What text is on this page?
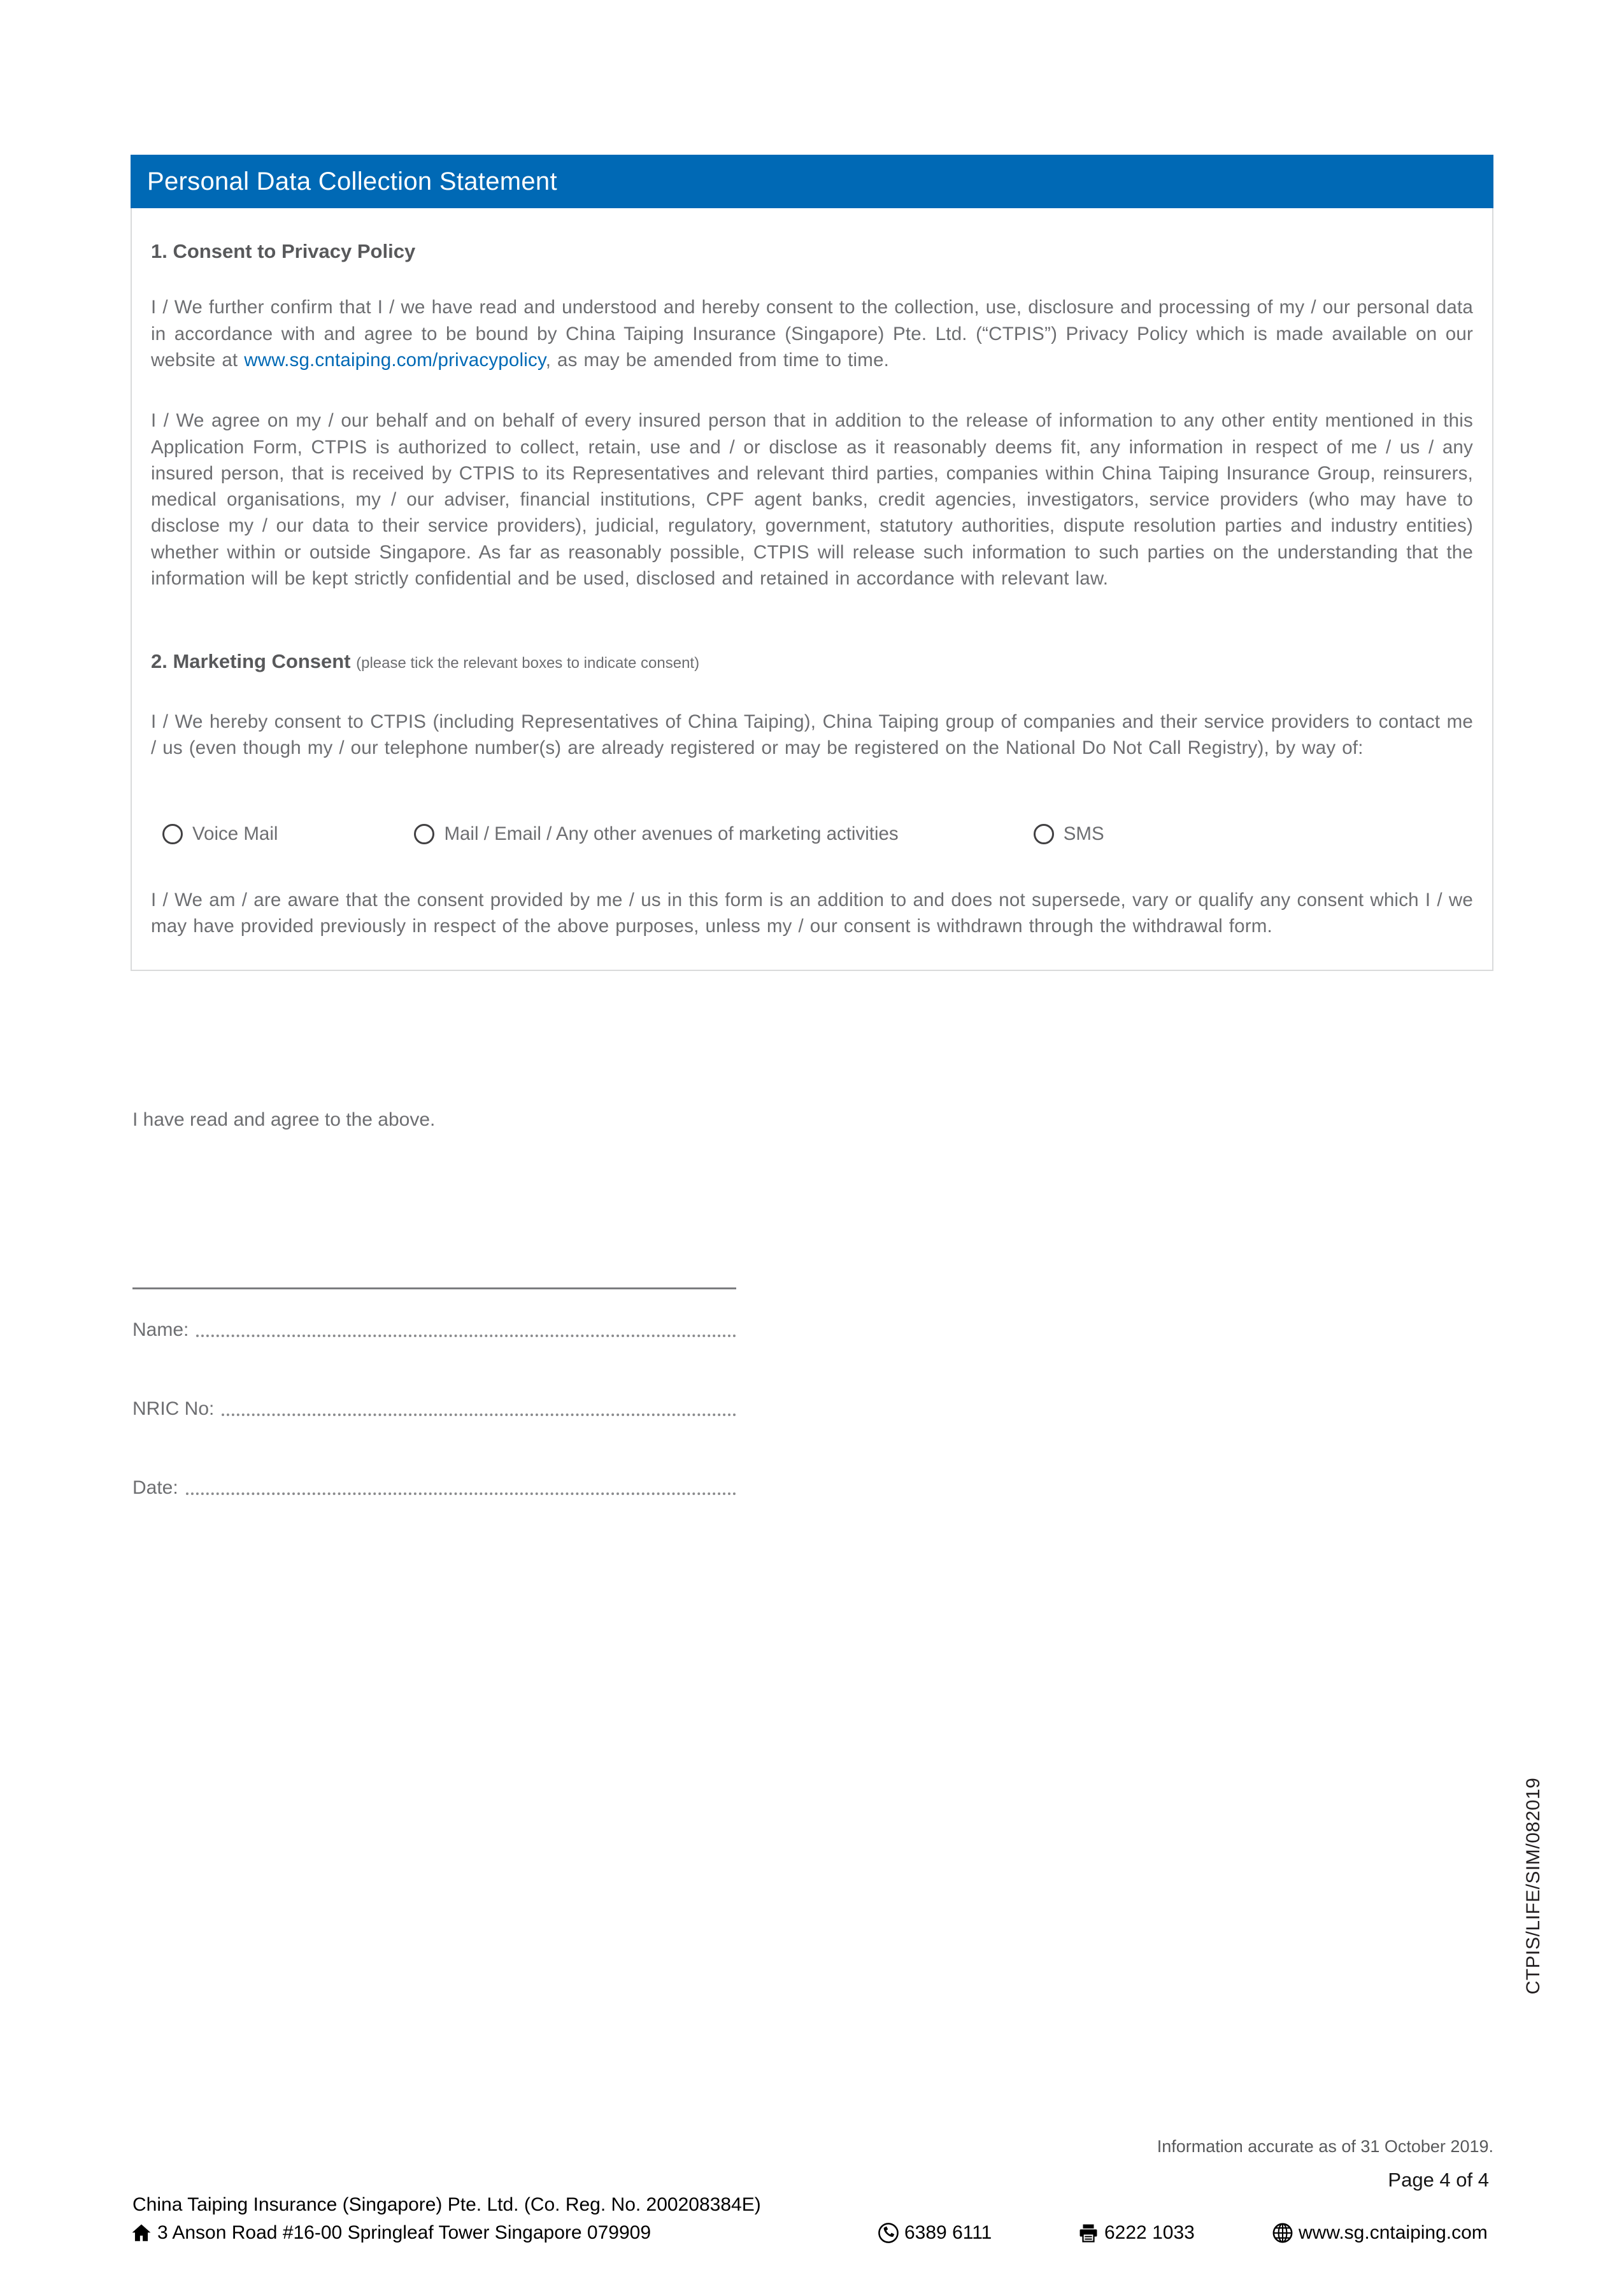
Personal Data Collection Statement
1. Consent to Privacy Policy

I / We further confirm that I / we have read and understood and hereby consent to the collection, use, disclosure and processing of my / our personal data in accordance with and agree to be bound by China Taiping Insurance (Singapore) Pte. Ltd. (“CTPIS”) Privacy Policy which is made available on our website at www.sg.cntaiping.com/privacypolicy, as may be amended from time to time.

I / We agree on my / our behalf and on behalf of every insured person that in addition to the release of information to any other entity mentioned in this Application Form, CTPIS is authorized to collect, retain, use and / or disclose as it reasonably deems fit, any information in respect of me / us / any insured person, that is received by CTPIS to its Representatives and relevant third parties, companies within China Taiping Insurance Group, reinsurers, medical organisations, my / our adviser, financial institutions, CPF agent banks, credit agencies, investigators, service providers (who may have to disclose my / our data to their service providers), judicial, regulatory, government, statutory authorities, dispute resolution parties and industry entities) whether within or outside Singapore. As far as reasonably possible, CTPIS will release such information to such parties on the understanding that the information will be kept strictly confidential and be used, disclosed and retained in accordance with relevant law.

2. Marketing Consent (please tick the relevant boxes to indicate consent)

I / We hereby consent to CTPIS (including Representatives of China Taiping), China Taiping group of companies and their service providers to contact me / us (even though my / our telephone number(s) are already registered or may be registered on the National Do Not Call Registry), by way of:

Voice Mail	Mail / Email / Any other avenues of marketing activities	SMS

I / We am / are aware that the consent provided by me / us in this form is an addition to and does not supersede, vary or qualify any consent which I / we may have provided previously in respect of the above purposes, unless my / our consent is withdrawn through the withdrawal form.

I have read and agree to the above.
Name:
NRIC No:
Date:
CTPIS/LIFE/SIM/082019
Information accurate as of 31 October 2019.
Page 4 of 4
China Taiping Insurance (Singapore) Pte. Ltd. (Co. Reg. No. 200208384E)
3 Anson Road #16-00 Springleaf Tower Singapore 079909	6389 6111	6222 1033	www.sg.cntaiping.com
